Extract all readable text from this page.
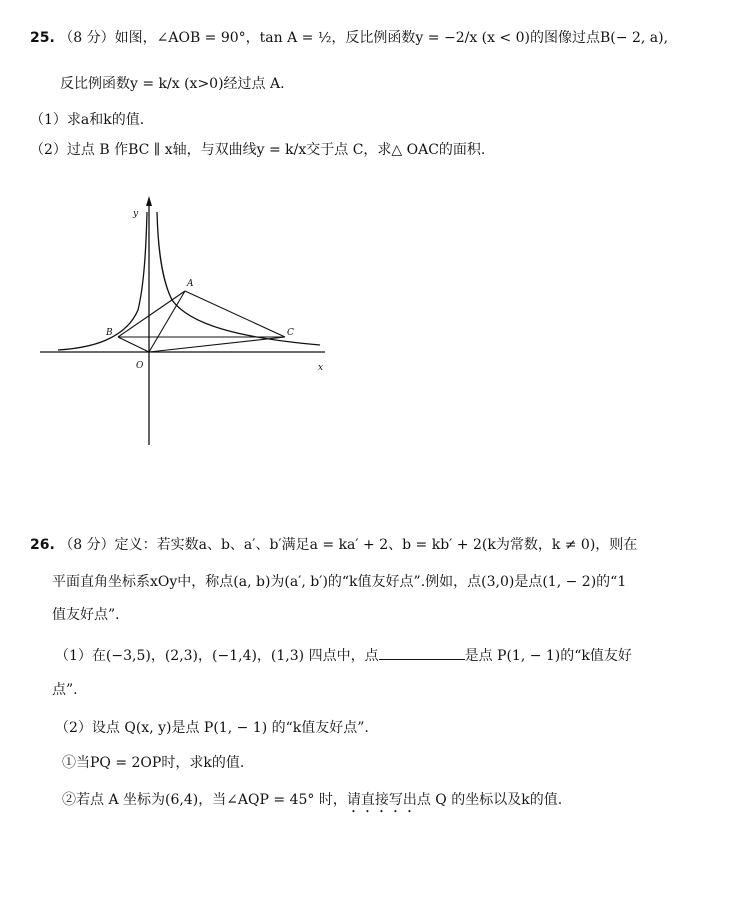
25. （8 分）如图，∠AOB = 90°，tan A = ½，反比例函数y = −2/x (x < 0)的图像过点B(− 2, a),
反比例函数y = k/x (x>0)经过点 A.
（1）求a和k的值.
（2）过点 B 作BC ∥ x轴，与双曲线y = k/x交于点 C，求△ OAC的面积.
y
x
O
A
B	C
26. （8 分）定义：若实数a、b、a′、b′满足a = ka′ + 2、b = kb′ + 2(k为常数，k ≠ 0)，则在
平面直角坐标系xOy中，称点(a, b)为(a′, b′)的“k值友好点”.例如，点(3,0)是点(1, − 2)的“1
值友好点”.
（1）在(−3,5)，(2,3)，(−1,4)，(1,3) 四点中，点	是点 P(1, − 1)的“k值友好
点”.
（2）设点 Q(x, y)是点 P(1, − 1) 的“k值友好点”.
①当PQ = 2OP时，求k的值.
②若点 A 坐标为(6,4)，当∠AQP = 45° 时，请直接写出点 Q 的坐标以及k的值.
